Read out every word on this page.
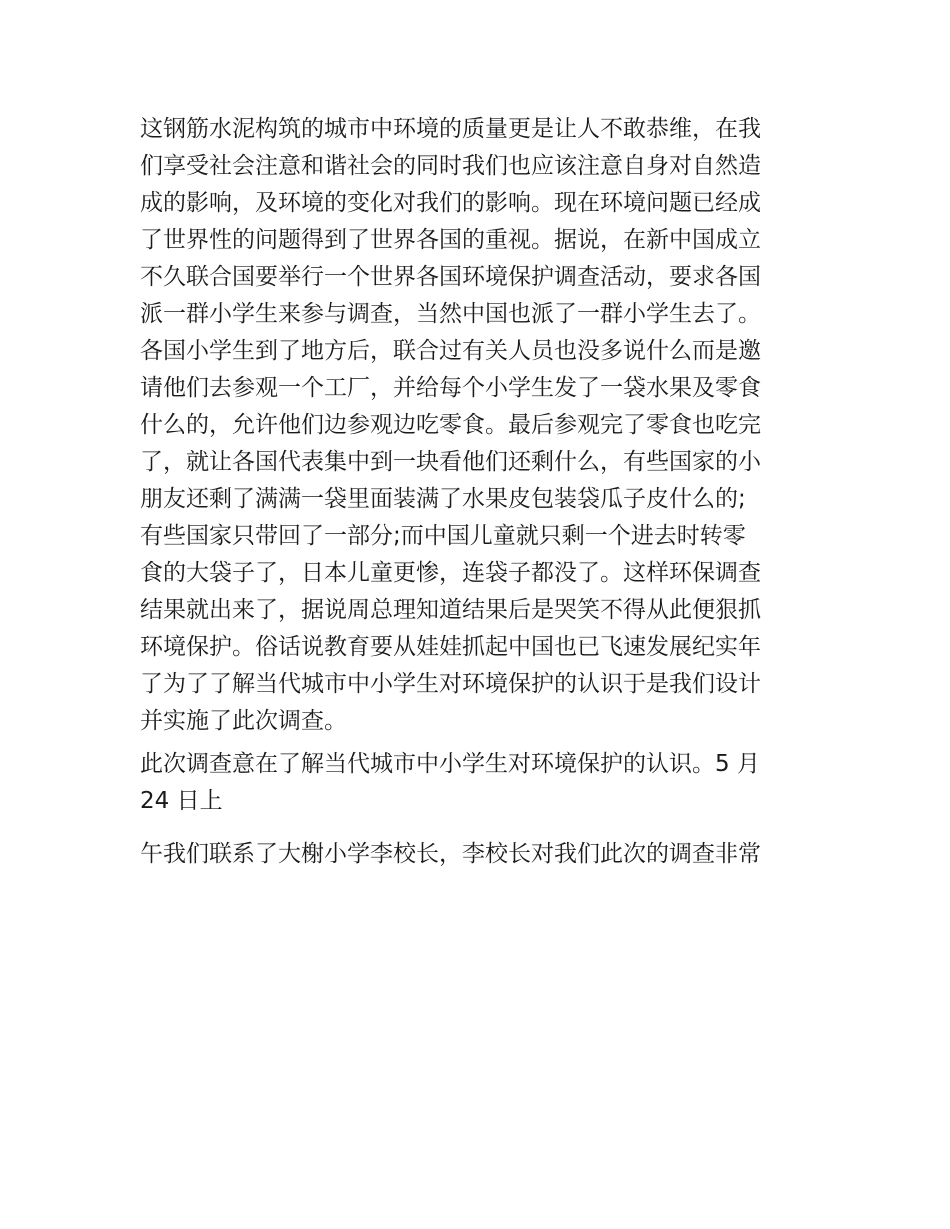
这钢筋水泥构筑的城市中环境的质量更是让人不敢恭维，在我
们享受社会注意和谐社会的同时我们也应该注意自身对自然造
成的影响，及环境的变化对我们的影响。现在环境问题已经成
了世界性的问题得到了世界各国的重视。据说，在新中国成立
不久联合国要举行一个世界各国环境保护调查活动，要求各国
派一群小学生来参与调查，当然中国也派了一群小学生去了。
各国小学生到了地方后，联合过有关人员也没多说什么而是邀
请他们去参观一个工厂，并给每个小学生发了一袋水果及零食
什么的，允许他们边参观边吃零食。最后参观完了零食也吃完
了，就让各国代表集中到一块看他们还剩什么，有些国家的小
朋友还剩了满满一袋里面装满了水果皮包装袋瓜子皮什么的;
有些国家只带回了一部分;而中国儿童就只剩一个进去时转零
食的大袋子了，日本儿童更惨，连袋子都没了。这样环保调查
结果就出来了，据说周总理知道结果后是哭笑不得从此便狠抓
环境保护。俗话说教育要从娃娃抓起中国也已飞速发展纪实年
了为了了解当代城市中小学生对环境保护的认识于是我们设计
并实施了此次调查。
此次调查意在了解当代城市中小学生对环境保护的认识。5 月
24 日上
午我们联系了大榭小学李校长，李校长对我们此次的调查非常
